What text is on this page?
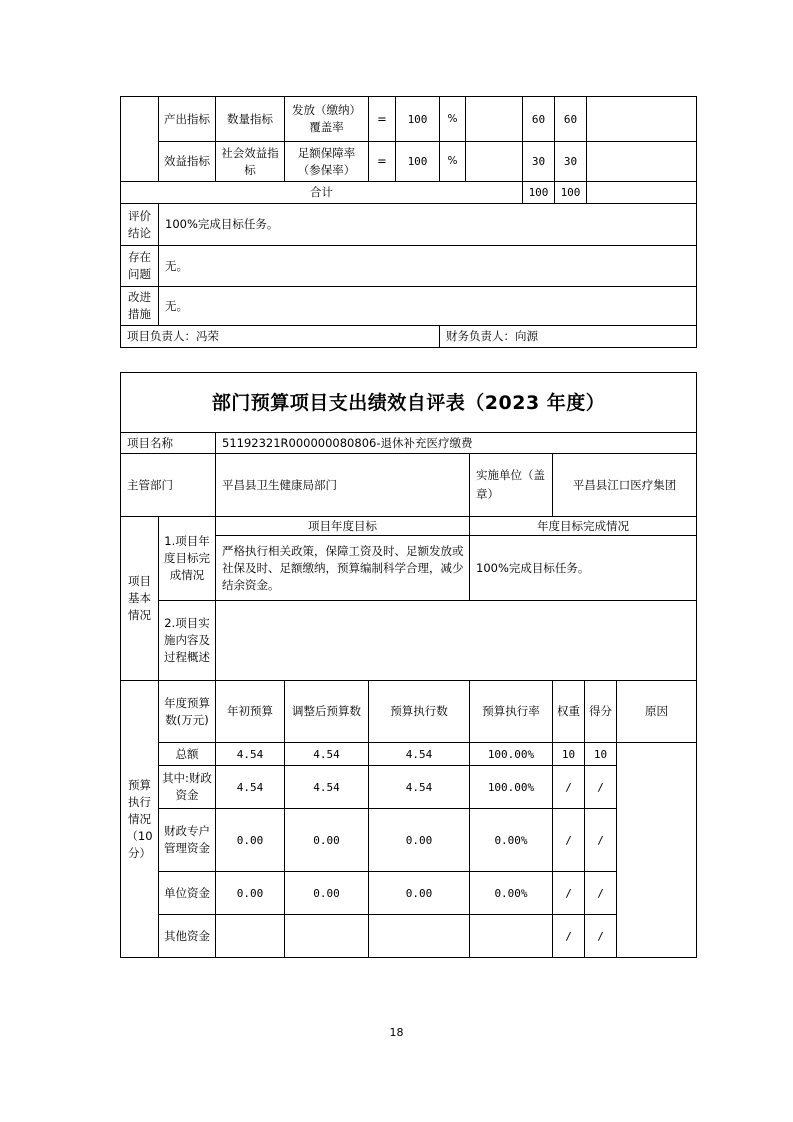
	产出指标	数量指标	发放（缴纳）覆盖率	=	100	%		60	60	
	效益指标	社会效益指标	足额保障率（参保率）	=	100	%		30	30	
合计								100	100	
评价结论	100%完成目标任务。									
存在问题	无。									
改进措施	无。									
项目负责人：冯荣						财务负责人：向源				
部门预算项目支出绩效自评表（2023 年度）								
项目名称		51192321R000000080806-退休补充医疗缴费						
主管部门		平昌县卫生健康局部门			实施单位（盖章）	平昌县江口医疗集团		
项目基本情况	1.项目年度目标完成情况	项目年度目标			年度目标完成情况			
		严格执行相关政策，保障工资及时、足额发放或社保及时、足额缴纳，预算编制科学合理，减少结余资金。			100%完成目标任务。			
	2.项目实施内容及过程概述							

预算执行情况（10分）	年度预算数(万元)	年初预算	调整后预算数	预算执行数	预算执行率	权重	得分	原因
	总额	4.54	4.54	4.54	100.00%	10	10	
	其中:财政资金	4.54	4.54	4.54	100.00%	/	/	
	财政专户管理资金	0.00	0.00	0.00	0.00%	/	/	
	单位资金	0.00	0.00	0.00	0.00%	/	/	
	其他资金					/	/	
18
